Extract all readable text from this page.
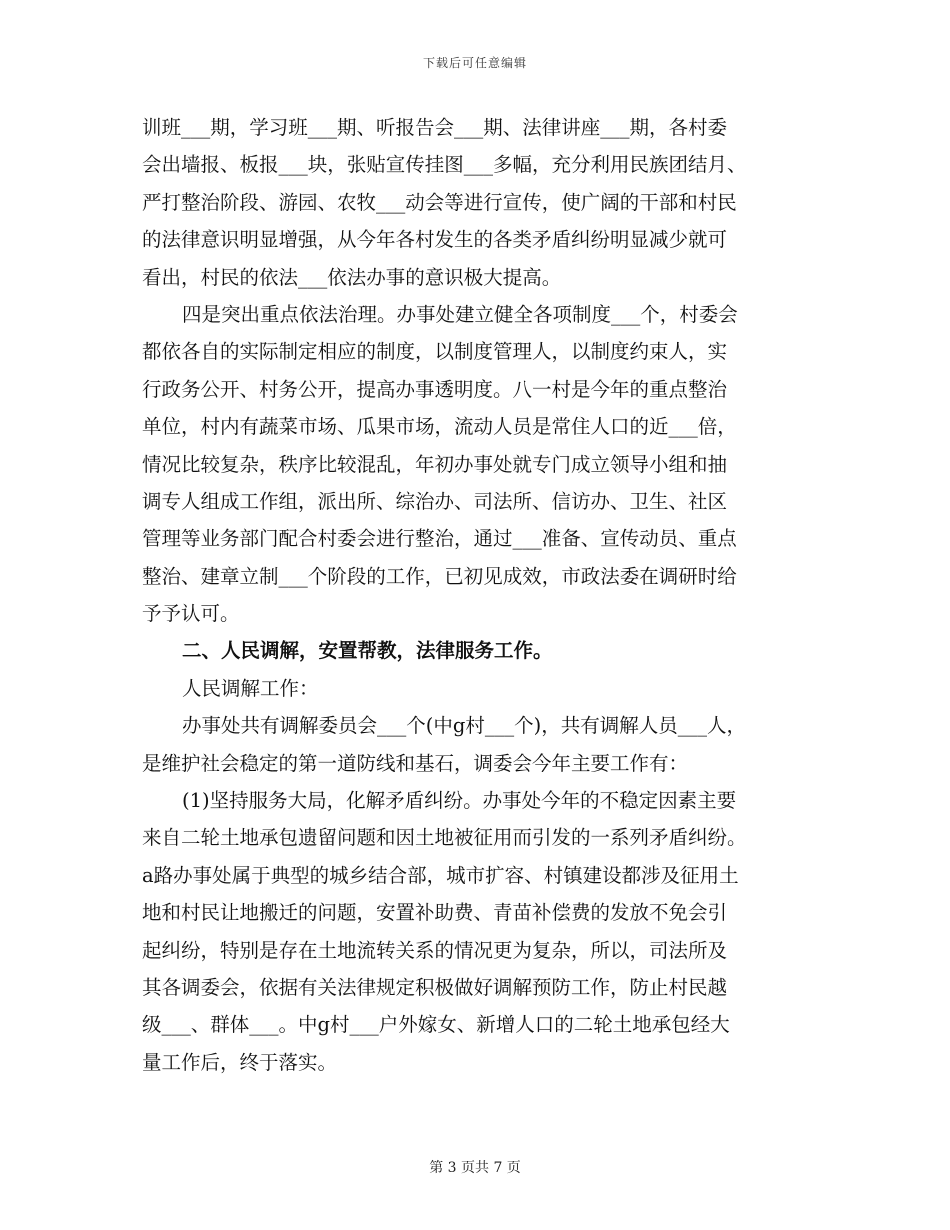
下载后可任意编辑
训班___期，学习班___期、听报告会___期、法律讲座___期，各村委
会出墙报、板报___块，张贴宣传挂图___多幅，充分利用民族团结月、
严打整治阶段、游园、农牧___动会等进行宣传，使广阔的干部和村民
的法律意识明显增强，从今年各村发生的各类矛盾纠纷明显减少就可
看出，村民的依法___依法办事的意识极大提高。
四是突出重点依法治理。办事处建立健全各项制度___个，村委会
都依各自的实际制定相应的制度，以制度管理人，以制度约束人，实
行政务公开、村务公开，提高办事透明度。八一村是今年的重点整治
单位，村内有蔬菜市场、瓜果市场，流动人员是常住人口的近___倍，
情况比较复杂，秩序比较混乱，年初办事处就专门成立领导小组和抽
调专人组成工作组，派出所、综治办、司法所、信访办、卫生、社区
管理等业务部门配合村委会进行整治，通过___准备、宣传动员、重点
整治、建章立制___个阶段的工作，已初见成效，市政法委在调研时给
予予认可。
二、人民调解，安置帮教，法律服务工作。
人民调解工作：
办事处共有调解委员会___个(中g村___个)，共有调解人员___人，
是维护社会稳定的第一道防线和基石，调委会今年主要工作有：
(1)坚持服务大局，化解矛盾纠纷。办事处今年的不稳定因素主要
来自二轮土地承包遗留问题和因土地被征用而引发的一系列矛盾纠纷。
a路办事处属于典型的城乡结合部，城市扩容、村镇建设都涉及征用土
地和村民让地搬迁的问题，安置补助费、青苗补偿费的发放不免会引
起纠纷，特别是存在土地流转关系的情况更为复杂，所以，司法所及
其各调委会，依据有关法律规定积极做好调解预防工作，防止村民越
级___、群体___。中g村___户外嫁女、新增人口的二轮土地承包经大
量工作后，终于落实。
第 3 页共 7 页
